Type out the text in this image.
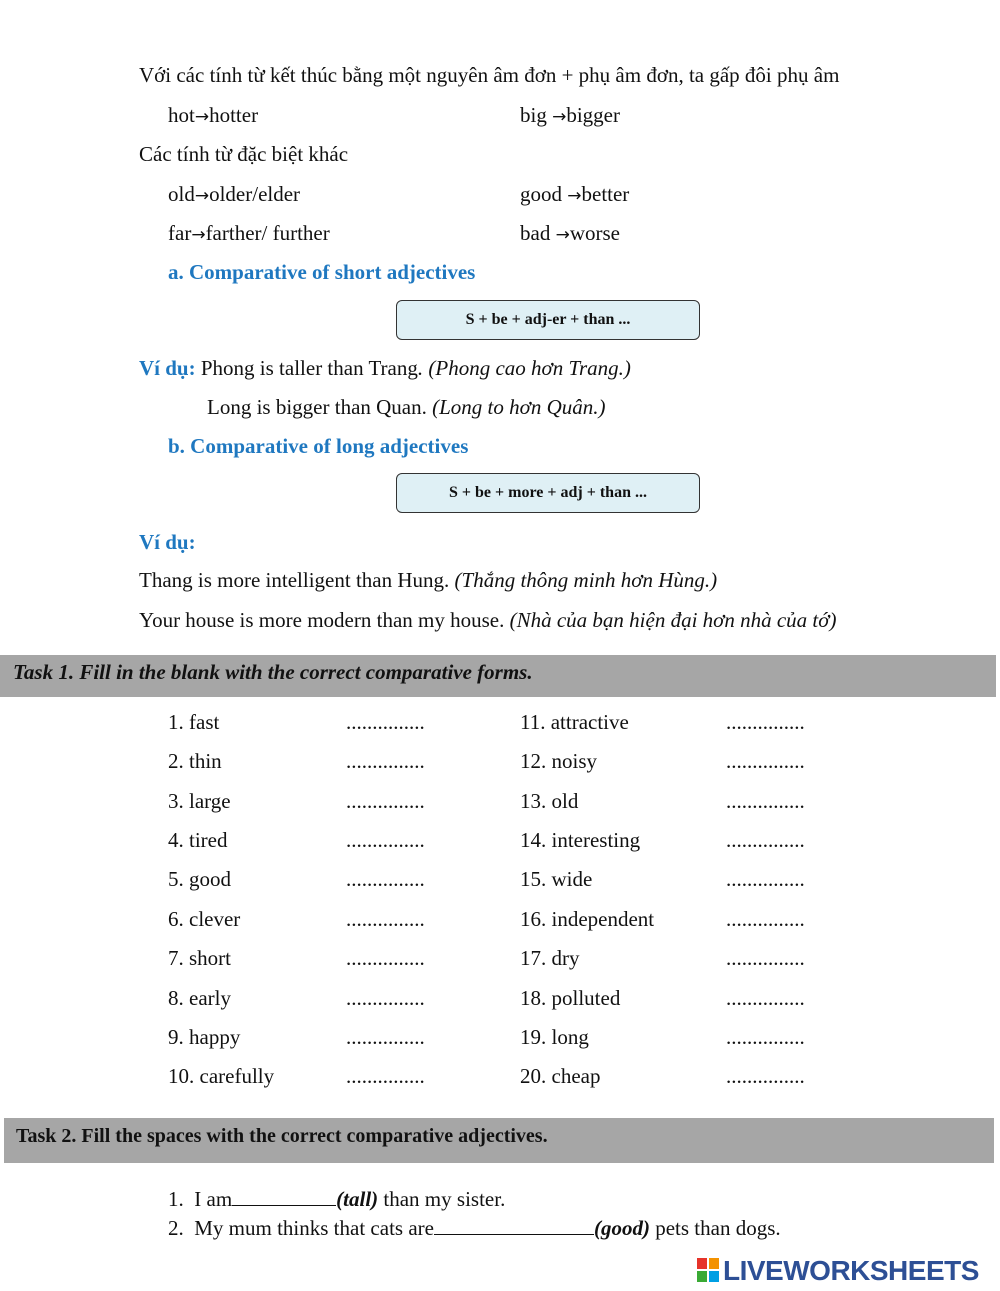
Với các tính từ kết thúc bằng một nguyên âm đơn + phụ âm đơn, ta gấp đôi phụ âm
hot→hotter	big →bigger
Các tính từ đặc biệt khác
old→older/elder	good →better
far→farther/ further	bad →worse
a. Comparative of short adjectives
S + be + adj-er + than ...
Ví dụ: Phong is taller than Trang. (Phong cao hơn Trang.)
Long is bigger than Quan. (Long to hơn Quân.)
b. Comparative of long adjectives
S + be + more + adj + than ...
Ví dụ:
Thang is more intelligent than Hung. (Thắng thông minh hơn Hùng.)
Your house is more modern than my house. (Nhà của bạn hiện đại hơn nhà của tớ)
Task 1. Fill in the blank with the correct comparative forms.
1. fast	...............	11. attractive	...............
2. thin	...............	12. noisy	...............
3. large	...............	13. old	...............
4. tired	...............	14. interesting	...............
5. good	...............	15. wide	...............
6. clever	...............	16. independent	...............
7. short	...............	17. dry	...............
8. early	...............	18. polluted	...............
9. happy	...............	19. long	...............
10. carefully	...............	20. cheap	...............
Task 2. Fill the spaces with the correct comparative adjectives.
1. I am	(tall) than my sister.
2. My mum thinks that cats are	(good) pets than dogs.
LIVEWORKSHEETS
